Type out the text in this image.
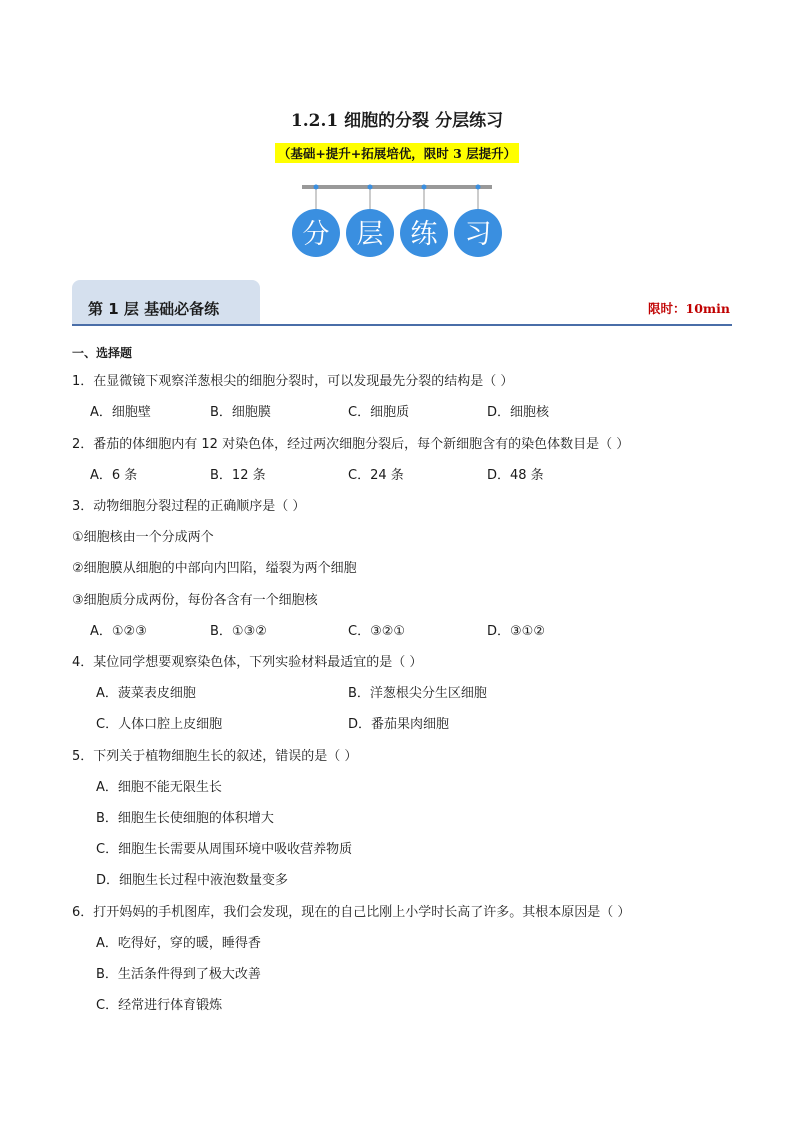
1.2.1 细胞的分裂 分层练习
（基础+提升+拓展培优，限时 3 层提升）
分 层 练 习
第 1 层 基础必备练	限时：10min
一、选择题
1．在显微镜下观察洋葱根尖的细胞分裂时，可以发现最先分裂的结构是（ ）
A．细胞壁	B．细胞膜	C．细胞质	D．细胞核
2．番茄的体细胞内有 12 对染色体，经过两次细胞分裂后，每个新细胞含有的染色体数目是（ ）
A．6 条	B．12 条	C．24 条	D．48 条
3．动物细胞分裂过程的正确顺序是（ ）
①细胞核由一个分成两个
②细胞膜从细胞的中部向内凹陷，缢裂为两个细胞
③细胞质分成两份，每份各含有一个细胞核
A．①②③	B．①③②	C．③②①	D．③①②
4．某位同学想要观察染色体，下列实验材料最适宜的是（ ）
A．菠菜表皮细胞	B．洋葱根尖分生区细胞
C．人体口腔上皮细胞	D．番茄果肉细胞
5．下列关于植物细胞生长的叙述，错误的是（ ）
A．细胞不能无限生长
B．细胞生长使细胞的体积增大
C．细胞生长需要从周围环境中吸收营养物质
D．细胞生长过程中液泡数量变多
6．打开妈妈的手机图库，我们会发现，现在的自己比刚上小学时长高了许多。其根本原因是（ ）
A．吃得好，穿的暖，睡得香
B．生活条件得到了极大改善
C．经常进行体育锻炼
